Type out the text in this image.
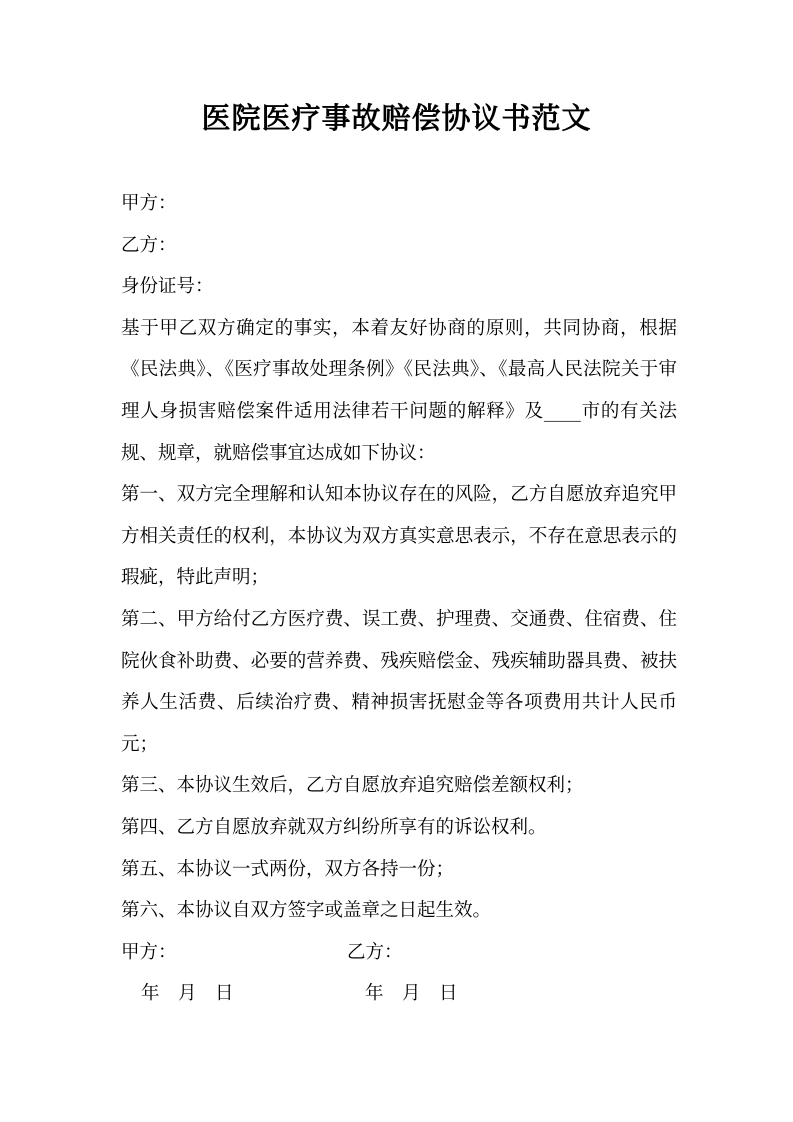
医院医疗事故赔偿协议书范文

甲方：

乙方：

身份证号：

基于甲乙双方确定的事实，本着友好协商的原则，共同协商，根据《民法典》、《医疗事故处理条例》《民法典》、《最高人民法院关于审理人身损害赔偿案件适用法律若干问题的解释》及____市的有关法规、规章，就赔偿事宜达成如下协议：

第一、双方完全理解和认知本协议存在的风险，乙方自愿放弃追究甲方相关责任的权利，本协议为双方真实意思表示，不存在意思表示的瑕疵，特此声明；

第二、甲方给付乙方医疗费、误工费、护理费、交通费、住宿费、住院伙食补助费、必要的营养费、残疾赔偿金、残疾辅助器具费、被扶养人生活费、后续治疗费、精神损害抚慰金等各项费用共计人民币 元；

第三、本协议生效后，乙方自愿放弃追究赔偿差额权利；

第四、乙方自愿放弃就双方纠纷所享有的诉讼权利。

第五、本协议一式两份，双方各持一份；

第六、本协议自双方签字或盖章之日起生效。

甲方：	乙方：
年　月　日	年　月　日
